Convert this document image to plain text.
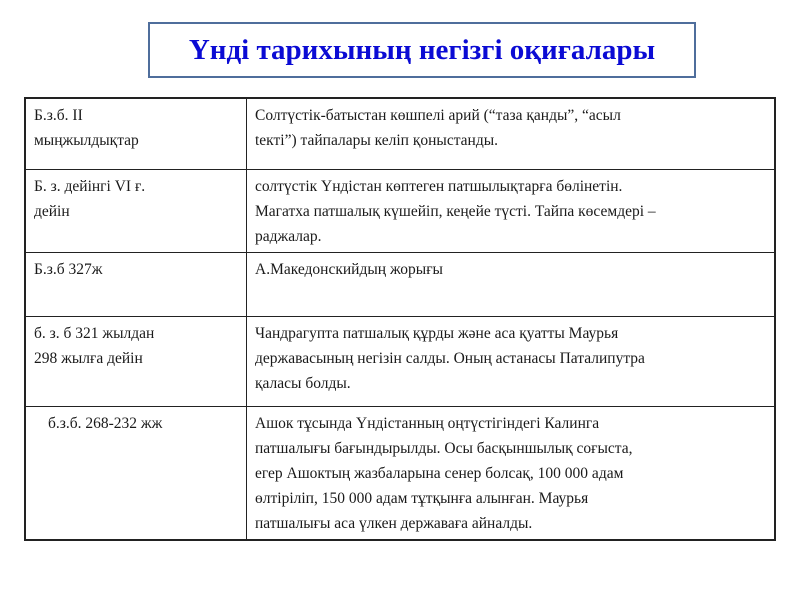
Үнді тарихының негізгі оқиғалары
Б.з.б. II
мыңжылдықтар	Солтүстік-батыстан көшпелі арий (“таза қанды”, “асыл
tекті”) тайпалары келіп қоныстанды.
Б. з. дейінгі VI ғ.
дейін	солтүстік Үндістан көптеген патшылықтарға бөлінетін.
Магатха патшалық күшейіп, кеңейе түсті. Тайпа көсемдері –
раджалар.
Б.з.б 327ж	А.Македонскийдың жорығы
б. з. б 321 жылдан
298 жылға дейін	Чандрагупта патшалық құрды және аса қуатты Маурья
державасының негізін салды. Оның астанасы Паталипутра
қаласы болды.
б.з.б. 268-232 жж	Ашок тұсында Үндістанның оңтүстігіндегі Калинга
патшалығы бағындырылды. Осы басқыншылық соғыста,
егер Ашоктың жазбаларына сенер болсақ, 100 000 адам
өлтіріліп, 150 000 адам тұтқынға алынған. Маурья
патшалығы аса үлкен державаға айналды.
